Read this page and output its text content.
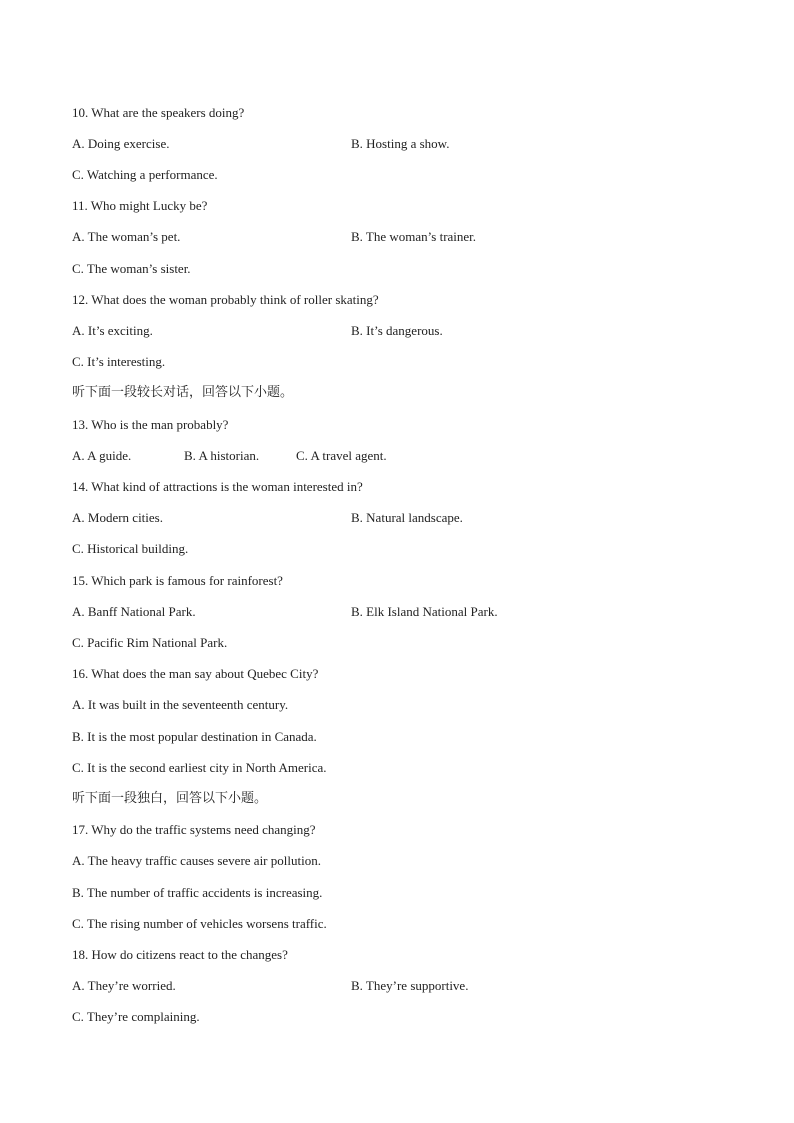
10. What are the speakers doing?
A. Doing exercise.	B. Hosting a show.
C. Watching a performance.
11. Who might Lucky be?
A. The woman’s pet.	B. The woman’s trainer.
C. The woman’s sister.
12. What does the woman probably think of roller skating?
A. It’s exciting.	B. It’s dangerous.
C. It’s interesting.
听下面一段较长对话，回答以下小题。
13. Who is the man probably?
A. A guide.	B. A historian.	C. A travel agent.
14. What kind of attractions is the woman interested in?
A. Modern cities.	B. Natural landscape.
C. Historical building.
15. Which park is famous for rainforest?
A. Banff National Park.	B. Elk Island National Park.
C. Pacific Rim National Park.
16. What does the man say about Quebec City?
A. It was built in the seventeenth century.
B. It is the most popular destination in Canada.
C. It is the second earliest city in North America.
听下面一段独白，回答以下小题。
17. Why do the traffic systems need changing?
A. The heavy traffic causes severe air pollution.
B. The number of traffic accidents is increasing.
C. The rising number of vehicles worsens traffic.
18. How do citizens react to the changes?
A. They’re worried.	B. They’re supportive.
C. They’re complaining.
